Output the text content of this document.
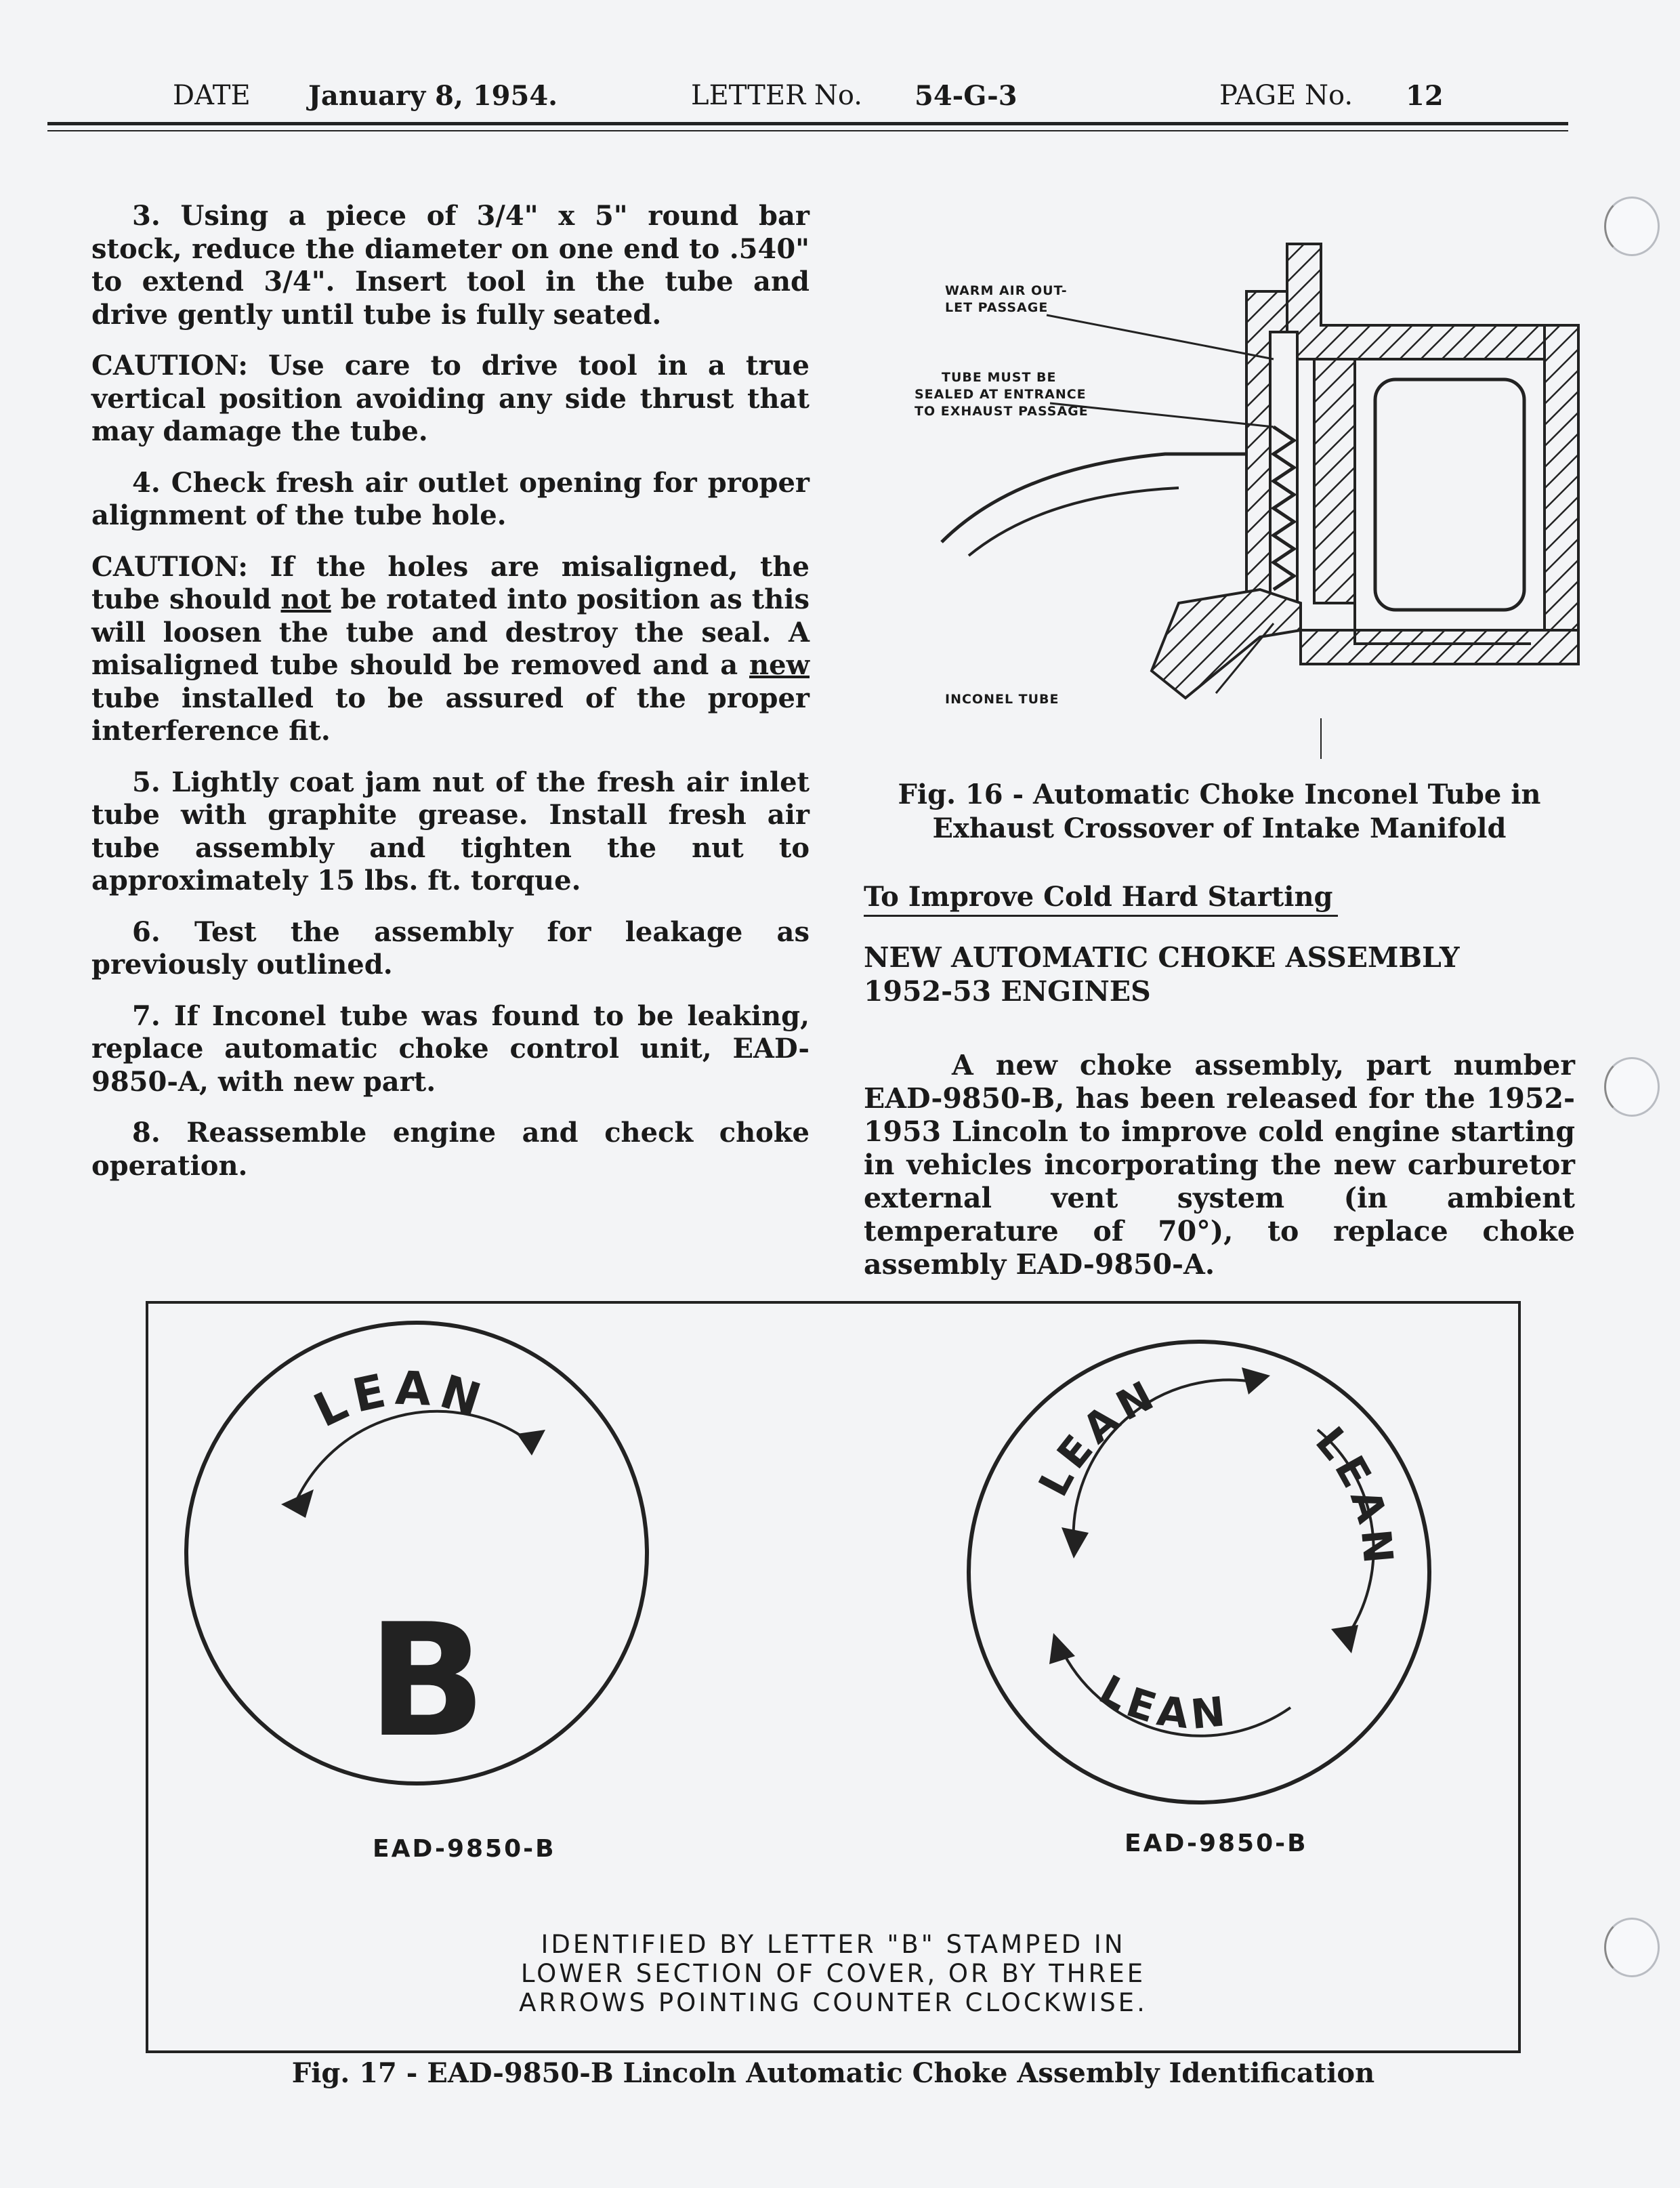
DATE January 8, 1954.	LETTER No. 54-G-3	PAGE No. 12

3. Using a piece of 3/4" x 5" round bar stock, reduce the diameter on one end to .540" to extend 3/4". Insert tool in the tube and drive gently until tube is fully seated.

CAUTION: Use care to drive tool in a true vertical position avoiding any side thrust that may damage the tube.

4. Check fresh air outlet opening for proper alignment of the tube hole.

CAUTION: If the holes are misaligned, the tube should not be rotated into position as this will loosen the tube and destroy the seal. A misaligned tube should be removed and a new tube installed to be assured of the proper interference fit.

5. Lightly coat jam nut of the fresh air inlet tube with graphite grease. Install fresh air tube assembly and tighten the nut to approximately 15 lbs. ft. torque.

6. Test the assembly for leakage as previously outlined.

7. If Inconel tube was found to be leaking, replace automatic choke control unit, EAD-9850-A, with new part.

8. Reassemble engine and check choke operation.

WARM AIR OUT-
LET PASSAGE
TUBE MUST BE
SEALED AT ENTRANCE
TO EXHAUST PASSAGE
INCONEL TUBE
Fig. 16 - Automatic Choke Inconel Tube in
Exhaust Crossover of Intake Manifold
To Improve Cold Hard Starting
NEW AUTOMATIC CHOKE ASSEMBLY
1952-53 ENGINES

A new choke assembly, part number EAD-9850-B, has been released for the 1952-1953 Lincoln to improve cold engine starting in vehicles incorporating the new carburetor external vent system (in ambient temperature of 70°), to replace choke assembly EAD-9850-A.

LEAN
B
LEAN
LEAN
LEAN
EAD-9850-B	EAD-9850-B
IDENTIFIED BY LETTER "B" STAMPED IN
LOWER SECTION OF COVER, OR BY THREE
ARROWS POINTING COUNTER CLOCKWISE.
Fig. 17 - EAD-9850-B Lincoln Automatic Choke Assembly Identification
